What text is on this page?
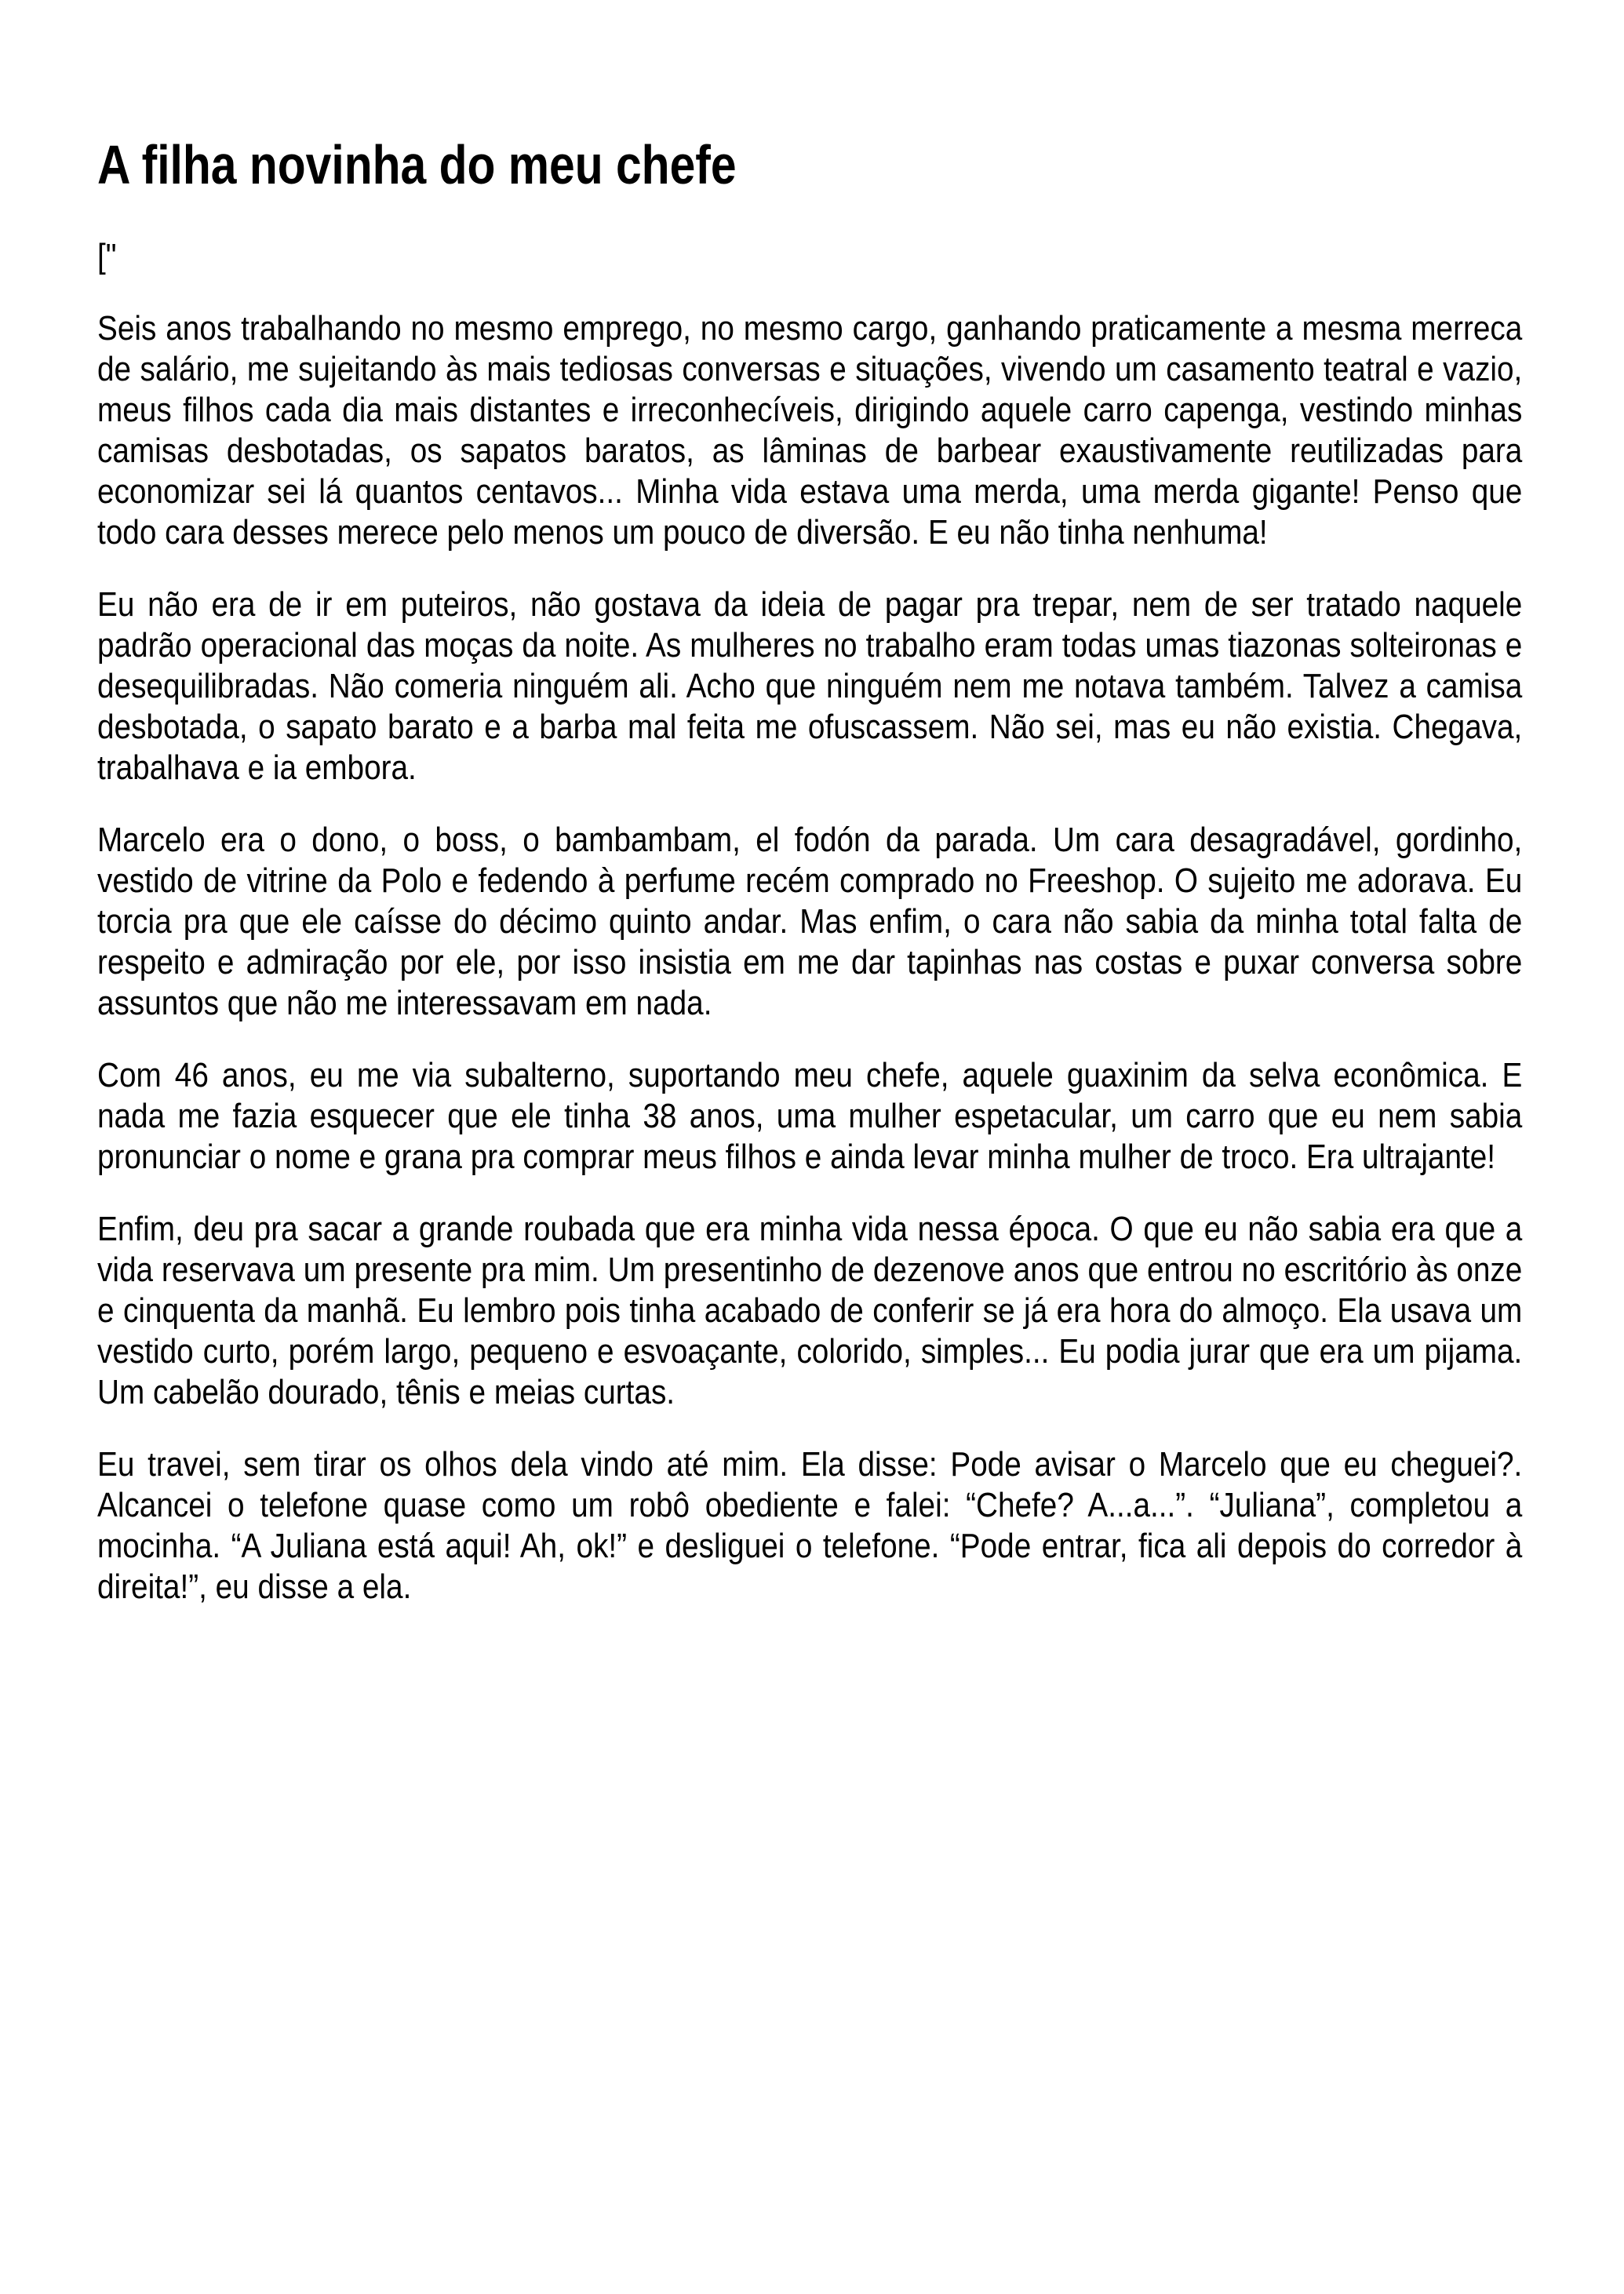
A filha novinha do meu chefe

["

Seis anos trabalhando no mesmo emprego, no mesmo cargo, ganhando praticamente a mesma merreca de salário, me sujeitando às mais tediosas conversas e situações, vivendo um casamento teatral e vazio, meus filhos cada dia mais distantes e irreconhecíveis, dirigindo aquele carro capenga, vestindo minhas camisas desbotadas, os sapatos baratos, as lâminas de barbear exaustivamente reutilizadas para economizar sei lá quantos centavos... Minha vida estava uma merda, uma merda gigante! Penso que todo cara desses merece pelo menos um pouco de diversão. E eu não tinha nenhuma!

Eu não era de ir em puteiros, não gostava da ideia de pagar pra trepar, nem de ser tratado naquele padrão operacional das moças da noite. As mulheres no trabalho eram todas umas tiazonas solteironas e desequilibradas. Não comeria ninguém ali. Acho que ninguém nem me notava também. Talvez a camisa desbotada, o sapato barato e a barba mal feita me ofuscassem. Não sei, mas eu não existia. Chegava, trabalhava e ia embora.

Marcelo era o dono, o boss, o bambambam, el fodón da parada. Um cara desagradável, gordinho, vestido de vitrine da Polo e fedendo à perfume recém comprado no Freeshop. O sujeito me adorava. Eu torcia pra que ele caísse do décimo quinto andar. Mas enfim, o cara não sabia da minha total falta de respeito e admiração por ele, por isso insistia em me dar tapinhas nas costas e puxar conversa sobre assuntos que não me interessavam em nada.

Com 46 anos, eu me via subalterno, suportando meu chefe, aquele guaxinim da selva econômica. E nada me fazia esquecer que ele tinha 38 anos, uma mulher espetacular, um carro que eu nem sabia pronunciar o nome e grana pra comprar meus filhos e ainda levar minha mulher de troco. Era ultrajante!

Enfim, deu pra sacar a grande roubada que era minha vida nessa época. O que eu não sabia era que a vida reservava um presente pra mim. Um presentinho de dezenove anos que entrou no escritório às onze e cinquenta da manhã. Eu lembro pois tinha acabado de conferir se já era hora do almoço. Ela usava um vestido curto, porém largo, pequeno e esvoaçante, colorido, simples... Eu podia jurar que era um pijama. Um cabelão dourado, tênis e meias curtas.

Eu travei, sem tirar os olhos dela vindo até mim. Ela disse: Pode avisar o Marcelo que eu cheguei?. Alcancei o telefone quase como um robô obediente e falei: “Chefe? A...a...”. “Juliana”, completou a mocinha. “A Juliana está aqui! Ah, ok!” e desliguei o telefone. “Pode entrar, fica ali depois do corredor à direita!”, eu disse a ela.
